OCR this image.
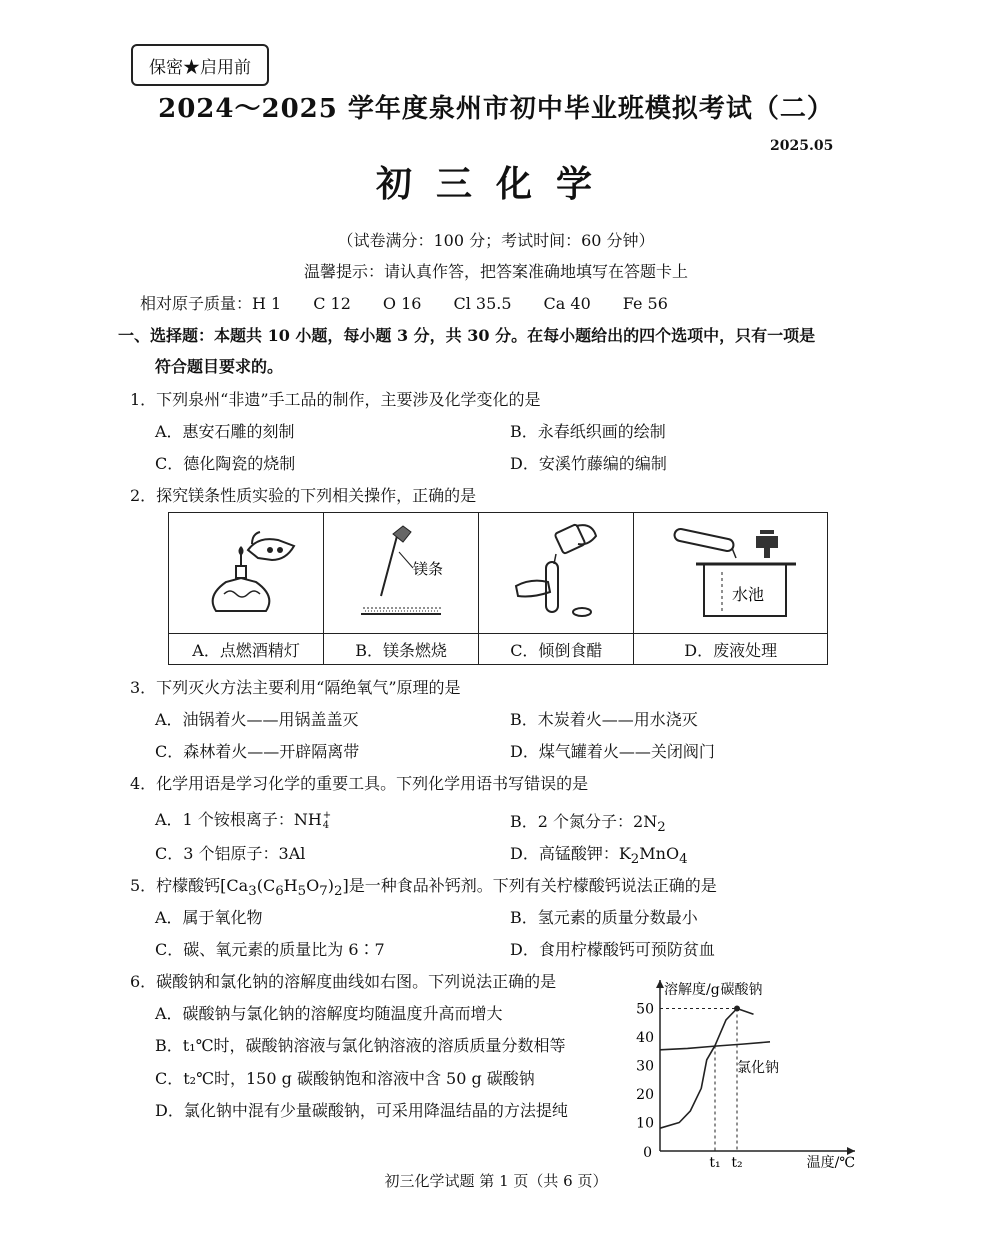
保密★启用前
2024～2025 学年度泉州市初中毕业班模拟考试（二）
2025.05
初三化学
（试卷满分：100 分；考试时间：60 分钟）
温馨提示：请认真作答，把答案准确地填写在答题卡上
相对原子质量：H 1　　C 12　　O 16　　Cl 35.5　　Ca 40　　Fe 56
一、选择题：本题共 10 小题，每小题 3 分，共 30 分。在每小题给出的四个选项中，只有一项是
符合题目要求的。
1．下列泉州“非遗”手工品的制作，主要涉及化学变化的是
A．惠安石雕的刻制	B．永春纸织画的绘制
C．德化陶瓷的烧制	D．安溪竹藤编的编制
2．探究镁条性质实验的下列相关操作，正确的是

镁条		水池

A．点燃酒精灯	B．镁条燃烧	C．倾倒食醋	D．废液处理
3．下列灭火方法主要利用“隔绝氧气”原理的是
A．油锅着火——用锅盖盖灭	B．木炭着火——用水浇灭
C．森林着火——开辟隔离带	D．煤气罐着火——关闭阀门
4．化学用语是学习化学的重要工具。下列化学用语书写错误的是
A．1 个铵根离子：NH +
4	B．2 个氮分子：$2N_2$
C．3 个铝原子：3Al	D．高锰酸钾：$K_2MnO_4$
5．柠檬酸钙$[Ca_3(C_6H_5O_7)_2]$是一种食品补钙剂。下列有关柠檬酸钙说法正确的是
A．属于氧化物	B．氢元素的质量分数最小
C．碳、氧元素的质量比为 6∶7	D．食用柠檬酸钙可预防贫血
6．碳酸钠和氯化钠的溶解度曲线如右图。下列说法正确的是
A．碳酸钠与氯化钠的溶解度均随温度升高而增大
B．t₁℃时，碳酸钠溶液与氯化钠溶液的溶质质量分数相等
C．t₂℃时，150 g 碳酸钠饱和溶液中含 50 g 碳酸钠
D．氯化钠中混有少量碳酸钠，可采用降温结晶的方法提纯
溶解度/g
温度/℃
10
20
30
40
50
0
t₁ t₂
碳酸钠
氯化钠
初三化学试题 第 1 页（共 6 页）
